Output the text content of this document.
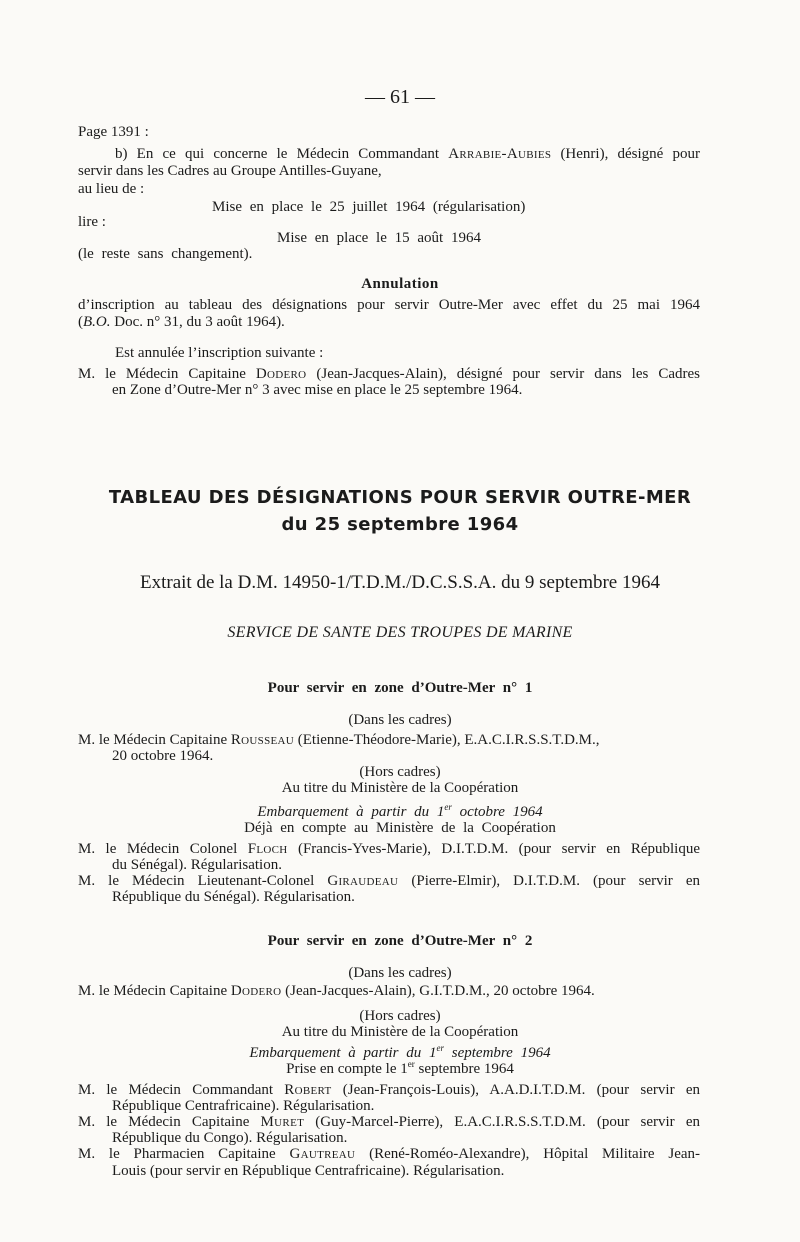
— 61 —
Page 1391 :
b) En ce qui concerne le Médecin Commandant Arrabie-Aubies (Henri), désigné pour
servir dans les Cadres au Groupe Antilles-Guyane,
au lieu de :
Mise en place le 25 juillet 1964 (régularisation)
lire :
Mise en place le 15 août 1964
(le reste sans changement).
Annulation
d’inscription au tableau des désignations pour servir Outre-Mer avec effet du 25 mai 1964
(B.O. Doc. n° 31, du 3 août 1964).
Est annulée l’inscription suivante :
M. le Médecin Capitaine Dodero (Jean-Jacques-Alain), désigné pour servir dans les Cadres
en Zone d’Outre-Mer n° 3 avec mise en place le 25 septembre 1964.
TABLEAU DES DÉSIGNATIONS POUR SERVIR OUTRE-MER
du 25 septembre 1964
Extrait de la D.M. 14950-1/T.D.M./D.C.S.S.A. du 9 septembre 1964
SERVICE DE SANTE DES TROUPES DE MARINE
Pour servir en zone d’Outre-Mer n° 1
(Dans les cadres)
M. le Médecin Capitaine Rousseau (Etienne-Théodore-Marie), E.A.C.I.R.S.S.T.D.M.,
20 octobre 1964.
(Hors cadres)
Au titre du Ministère de la Coopération
Embarquement à partir du 1er octobre 1964
Déjà en compte au Ministère de la Coopération
M. le Médecin Colonel Floch (Francis-Yves-Marie), D.I.T.D.M. (pour servir en République
du Sénégal). Régularisation.
M. le Médecin Lieutenant-Colonel Giraudeau (Pierre-Elmir), D.I.T.D.M. (pour servir en
République du Sénégal). Régularisation.
Pour servir en zone d’Outre-Mer n° 2
(Dans les cadres)
M. le Médecin Capitaine Dodero (Jean-Jacques-Alain), G.I.T.D.M., 20 octobre 1964.
(Hors cadres)
Au titre du Ministère de la Coopération
Embarquement à partir du 1er septembre 1964
Prise en compte le 1er septembre 1964
M. le Médecin Commandant Robert (Jean-François-Louis), A.A.D.I.T.D.M. (pour servir en
République Centrafricaine). Régularisation.
M. le Médecin Capitaine Muret (Guy-Marcel-Pierre), E.A.C.I.R.S.S.T.D.M. (pour servir en
République du Congo). Régularisation.
M. le Pharmacien Capitaine Gautreau (René-Roméo-Alexandre), Hôpital Militaire Jean-
Louis (pour servir en République Centrafricaine). Régularisation.
